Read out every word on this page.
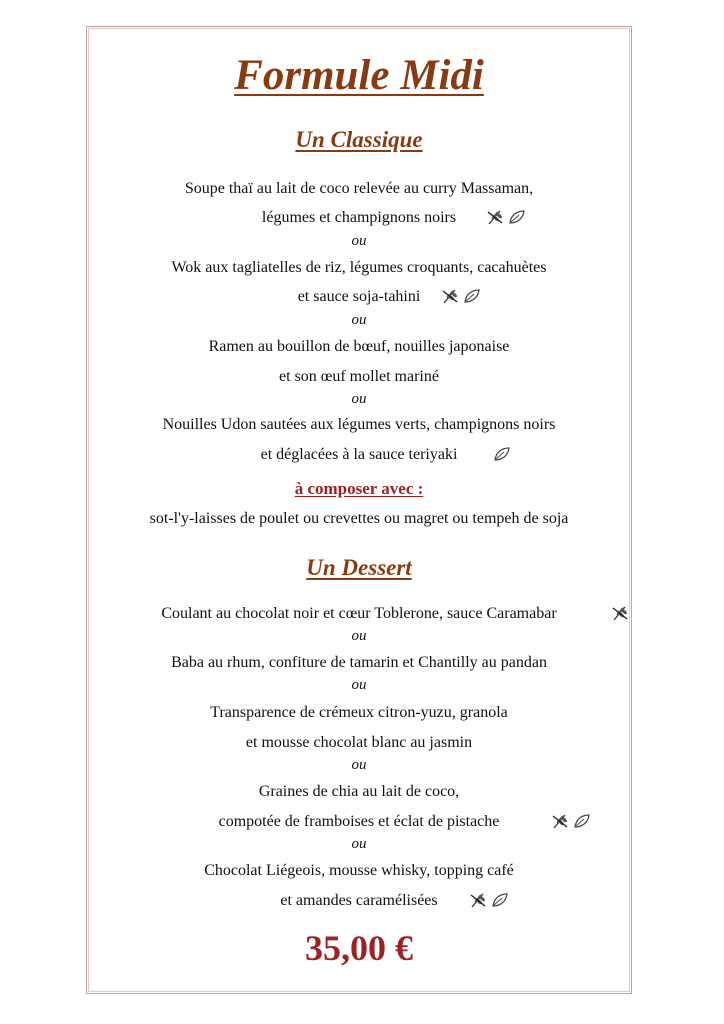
Formule Midi
Un Classique
Soupe thaï au lait de coco relevée au curry Massaman,
légumes et champignons noirs
ou
Wok aux tagliatelles de riz, légumes croquants, cacahuètes
et sauce soja-tahini
ou
Ramen au bouillon de bœuf, nouilles japonaise
et son œuf mollet mariné
ou
Nouilles Udon sautées aux légumes verts, champignons noirs
et déglacées à la sauce teriyaki
à composer avec :
sot-l'y-laisses de poulet ou crevettes ou magret ou tempeh de soja
Un Dessert
Coulant au chocolat noir et cœur Toblerone, sauce Caramabar
ou
Baba au rhum, confiture de tamarin et Chantilly au pandan
ou
Transparence de crémeux citron-yuzu, granola
et mousse chocolat blanc au jasmin
ou
Graines de chia au lait de coco,
compotée de framboises et éclat de pistache
ou
Chocolat Liégeois, mousse whisky, topping café
et amandes caramélisées
35,00 €
